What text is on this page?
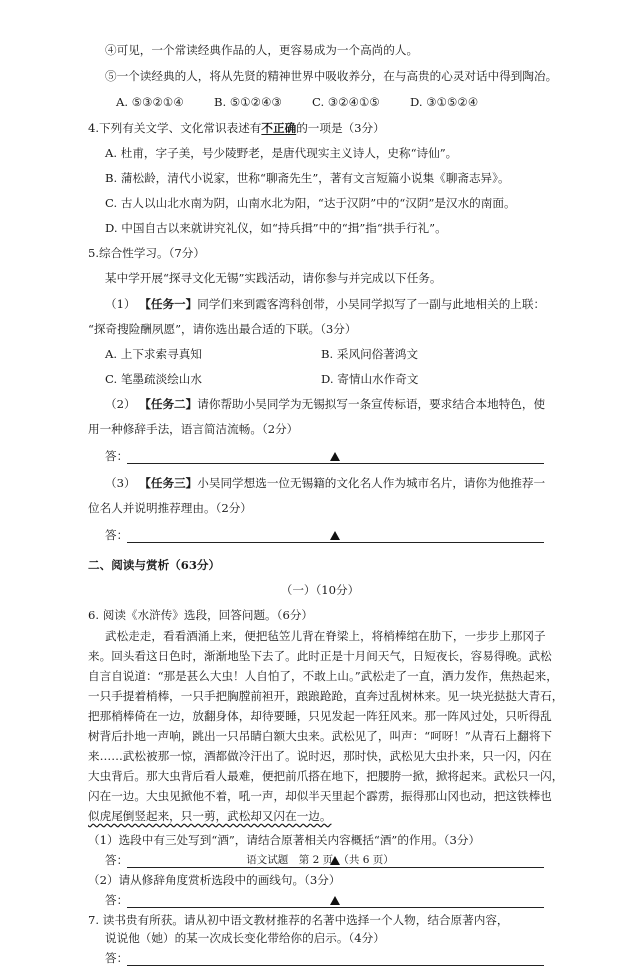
④可见，一个常读经典作品的人，更容易成为一个高尚的人。
⑤一个读经典的人，将从先贤的精神世界中吸收养分，在与高贵的心灵对话中得到陶冶。
A. ⑤③②①④	B. ⑤①②④③	C. ③②④①⑤	D. ③①⑤②④
4.下列有关文学、文化常识表述有不正确的一项是（3分）
A. 杜甫，字子美，号少陵野老，是唐代现实主义诗人，史称“诗仙”。
B. 蒲松龄，清代小说家，世称“聊斋先生”，著有文言短篇小说集《聊斋志异》。
C. 古人以山北水南为阴，山南水北为阳，“达于汉阴”中的“汉阴”是汉水的南面。
D. 中国自古以来就讲究礼仪，如“持兵揖”中的“揖”指“拱手行礼”。
5.综合性学习。（7分）
某中学开展“探寻文化无锡”实践活动，请你参与并完成以下任务。
（1） 【任务一】同学们来到霞客湾科创带，小吴同学拟写了一副与此地相关的上联：
“探奇搜险酬夙愿”，请你选出最合适的下联。（3分）
A. 上下求索寻真知	B. 采风问俗著鸿文
C. 笔墨疏淡绘山水	D. 寄情山水作奇文
（2） 【任务二】请你帮助小吴同学为无锡拟写一条宣传标语，要求结合本地特色，使
用一种修辞手法，语言简洁流畅。（2分）
答：
（3） 【任务三】小吴同学想选一位无锡籍的文化名人作为城市名片，请你为他推荐一
位名人并说明推荐理由。（2分）
答：
二、阅读与赏析（63分）
（一）（10分）
6. 阅读《水浒传》选段，回答问题。（6分）
武松走走，看看酒涌上来，便把毡笠儿背在脊梁上，将梢棒绾在肋下，一步步上那冈子
来。回头看这日色时，渐渐地坠下去了。此时正是十月间天气，日短夜长，容易得晚。武松
自言自说道：“那是甚么大虫！人自怕了，不敢上山。”武松走了一直，酒力发作，焦热起来，
一只手提着梢棒，一只手把胸膛前袒开，踉踉跄跄，直奔过乱树林来。见一块光挞挞大青石，
把那梢棒倚在一边，放翻身体，却待要睡，只见发起一阵狂风来。那一阵风过处，只听得乱
树背后扑地一声响，跳出一只吊睛白额大虫来。武松见了，叫声：“呵呀！”从青石上翻将下
来……武松被那一惊，酒都做冷汗出了。说时迟，那时快，武松见大虫扑来，只一闪，闪在
大虫背后。那大虫背后看人最难，便把前爪搭在地下，把腰胯一掀，掀将起来。武松只一闪，
闪在一边。大虫见掀他不着，吼一声，却似半天里起个霹雳，振得那山冈也动，把这铁棒也
似虎尾倒竖起来，只一剪，武松却又闪在一边。
（1）选段中有三处写到“酒”，请结合原著相关内容概括“酒”的作用。（3分）
答：
（2）请从修辞角度赏析选段中的画线句。（3分）
答：
7. 读书贵有所获。请从初中语文教材推荐的名著中选择一个人物，结合原著内容，
说说他（她）的某一次成长变化带给你的启示。（4分）
答：
语文试题　第 2 页　（共 6 页）
